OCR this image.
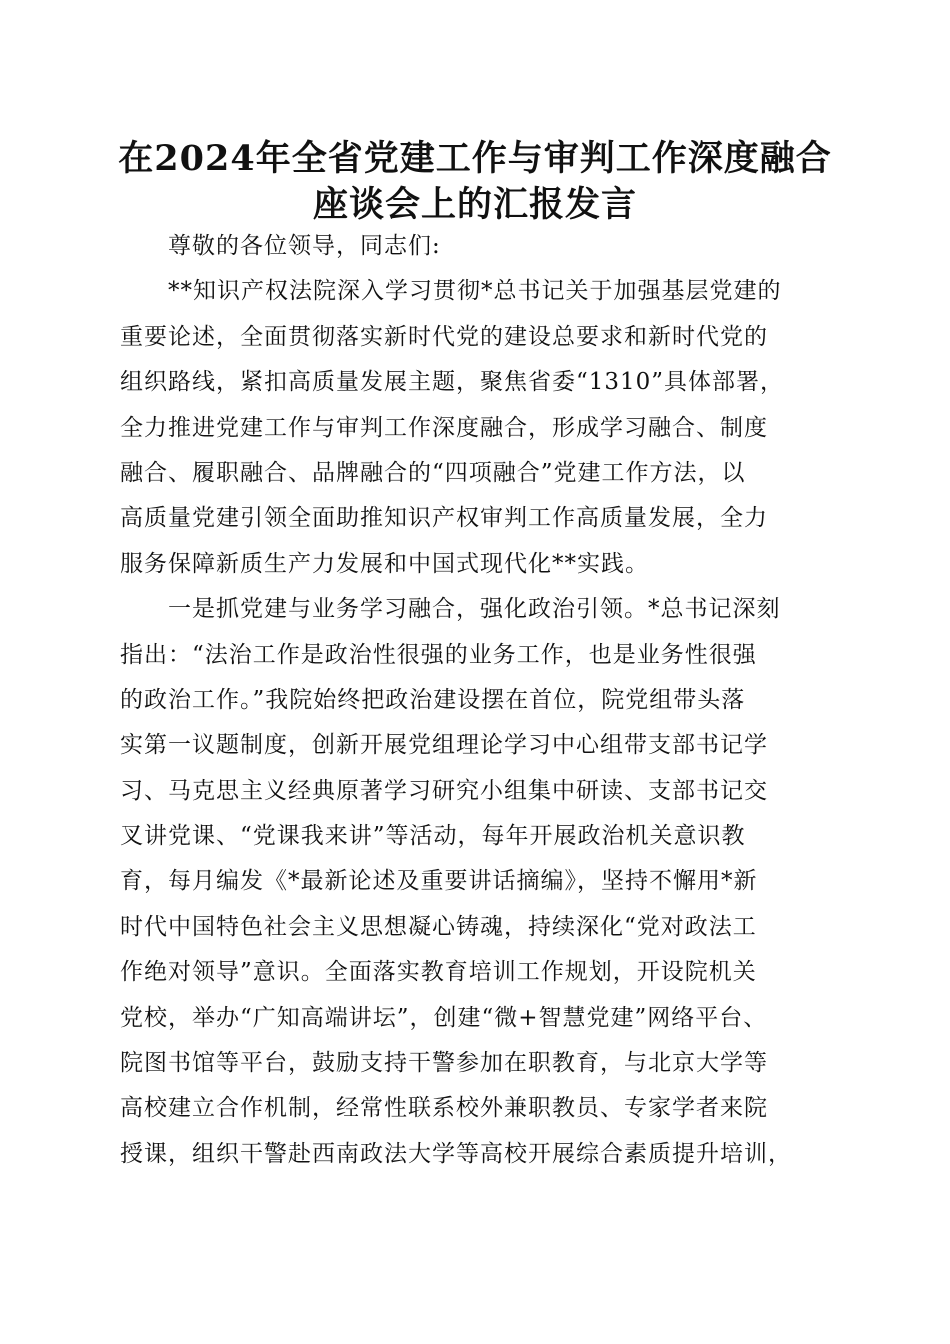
在2024年全省党建工作与审判工作深度融合
座谈会上的汇报发言
尊敬的各位领导，同志们:
**知识产权法院深入学习贯彻*总书记关于加强基层党建的
重要论述，全面贯彻落实新时代党的建设总要求和新时代党的
组织路线，紧扣高质量发展主题，聚焦省委“1310”具体部署，
全力推进党建工作与审判工作深度融合，形成学习融合、制度
融合、履职融合、品牌融合的“四项融合”党建工作方法，以
高质量党建引领全面助推知识产权审判工作高质量发展，全力
服务保障新质生产力发展和中国式现代化**实践。
一是抓党建与业务学习融合，强化政治引领。*总书记深刻
指出：“法治工作是政治性很强的业务工作，也是业务性很强
的政治工作。”我院始终把政治建设摆在首位，院党组带头落
实第一议题制度，创新开展党组理论学习中心组带支部书记学
习、马克思主义经典原著学习研究小组集中研读、支部书记交
叉讲党课、“党课我来讲”等活动，每年开展政治机关意识教
育，每月编发《*最新论述及重要讲话摘编》，坚持不懈用*新
时代中国特色社会主义思想凝心铸魂，持续深化“党对政法工
作绝对领导”意识。全面落实教育培训工作规划，开设院机关
党校，举办“广知高端讲坛”，创建“微+智慧党建”网络平台、
院图书馆等平台，鼓励支持干警参加在职教育，与北京大学等
高校建立合作机制，经常性联系校外兼职教员、专家学者来院
授课，组织干警赴西南政法大学等高校开展综合素质提升培训，
